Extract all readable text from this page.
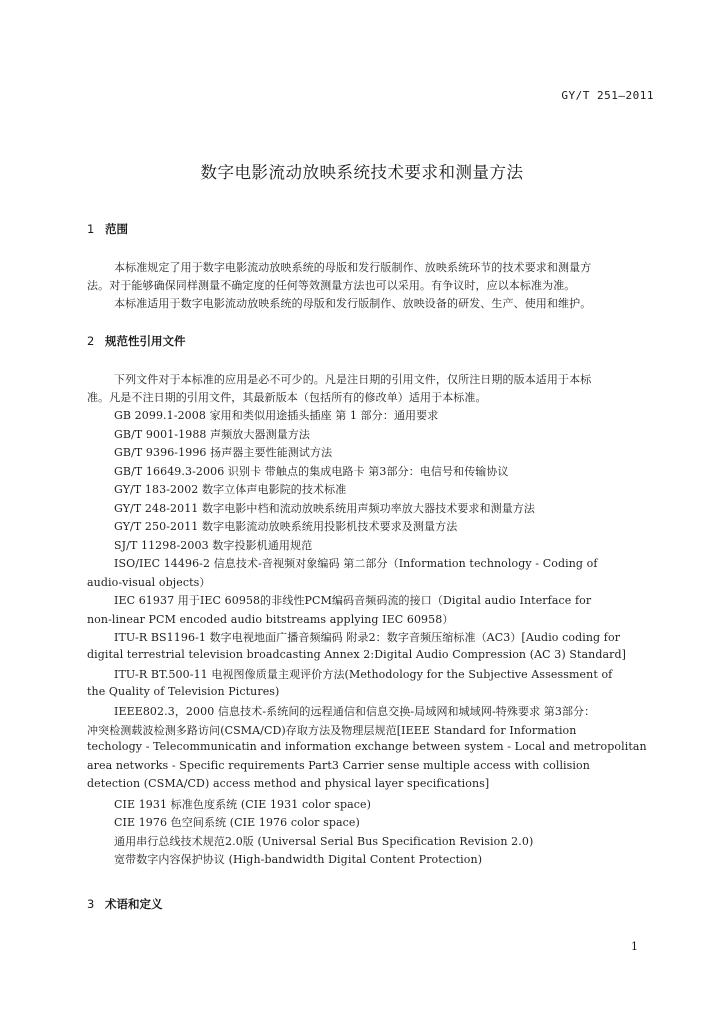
GY/T 251—2011
数字电影流动放映系统技术要求和测量方法
1 范围
本标准规定了用于数字电影流动放映系统的母版和发行版制作、放映系统环节的技术要求和测量方
法。对于能够确保同样测量不确定度的任何等效测量方法也可以采用。有争议时，应以本标准为准。
本标准适用于数字电影流动放映系统的母版和发行版制作、放映设备的研发、生产、使用和维护。
2 规范性引用文件
下列文件对于本标准的应用是必不可少的。凡是注日期的引用文件，仅所注日期的版本适用于本标
准。凡是不注日期的引用文件，其最新版本（包括所有的修改单）适用于本标准。
GB 2099.1-2008 家用和类似用途插头插座 第 1 部分：通用要求
GB/T 9001-1988 声频放大器测量方法
GB/T 9396-1996 扬声器主要性能测试方法
GB/T 16649.3-2006 识别卡 带触点的集成电路卡 第3部分：电信号和传输协议
GY/T 183-2002 数字立体声电影院的技术标准
GY/T 248-2011 数字电影中档和流动放映系统用声频功率放大器技术要求和测量方法
GY/T 250-2011 数字电影流动放映系统用投影机技术要求及测量方法
SJ/T 11298-2003 数字投影机通用规范
ISO/IEC 14496-2 信息技术-音视频对象编码 第二部分（Information technology - Coding of
audio-visual objects）
IEC 61937 用于IEC 60958的非线性PCM编码音频码流的接口（Digital audio Interface for
non-linear PCM encoded audio bitstreams applying IEC 60958）
ITU-R BS1196-1 数字电视地面广播音频编码 附录2：数字音频压缩标准（AC3）[Audio coding for
digital terrestrial television broadcasting Annex 2:Digital Audio Compression (AC 3) Standard]
ITU-R BT.500-11 电视图像质量主观评价方法(Methodology for the Subjective Assessment of
the Quality of Television Pictures)
IEEE802.3，2000 信息技术-系统间的远程通信和信息交换-局域网和城域网-特殊要求 第3部分：
冲突检测载波检测多路访问(CSMA/CD)存取方法及物理层规范[IEEE Standard for Information
techology - Telecommunicatin and information exchange between system - Local and metropolitan
area networks - Specific requirements Part3 Carrier sense multiple access with collision
detection (CSMA/CD) access method and physical layer specifications]
CIE 1931 标准色度系统 (CIE 1931 color space)
CIE 1976 色空间系统 (CIE 1976 color space)
通用串行总线技术规范2.0版 (Universal Serial Bus Specification Revision 2.0)
宽带数字内容保护协议 (High-bandwidth Digital Content Protection)
3 术语和定义
1
